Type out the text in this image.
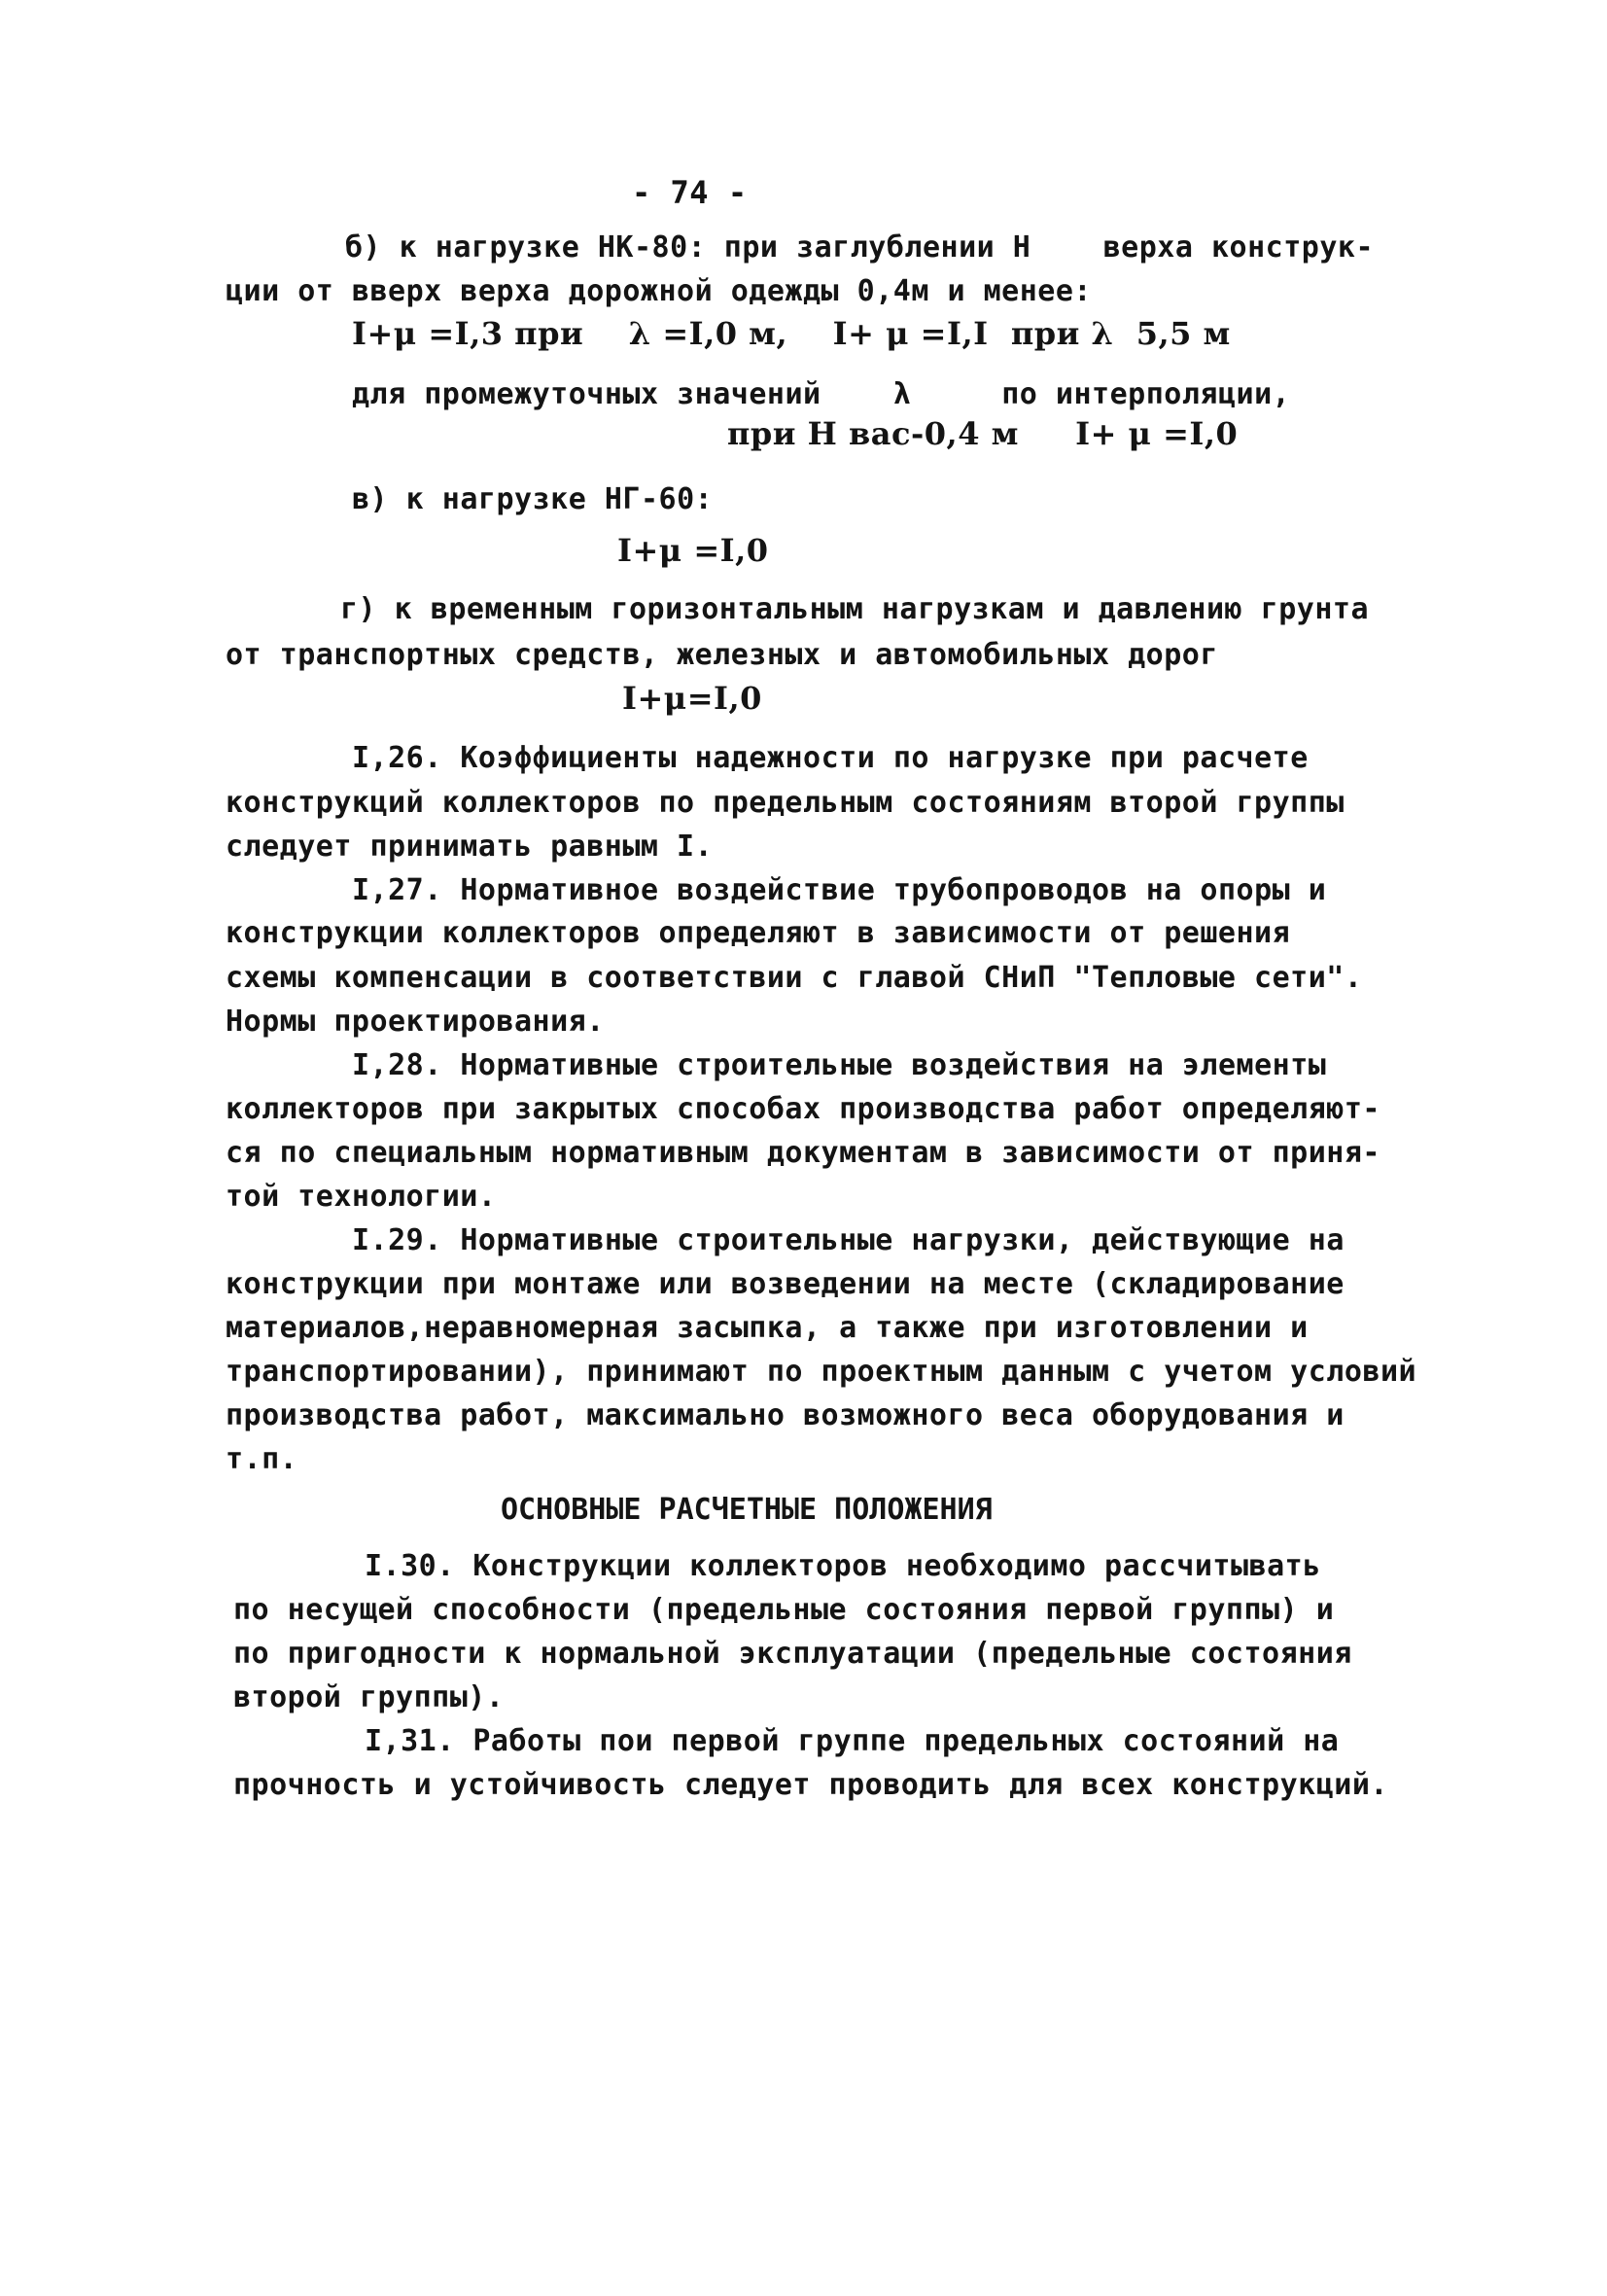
- 74 -
б) к нагрузке НК-80: при заглублении Н    верха конструк-
ции от вверх верха дорожной одежды 0,4м и менее:
I+μ =I,3 при    λ =I,0 м,    I+ μ =I,I  при λ  5,5 м
для промежуточных значений    λ     по интерполяции,
при Н вас-0,4 м     I+ μ =I,0
в) к нагрузке НГ-60:
I+μ =I,0
г) к временным горизонтальным нагрузкам и давлению грунта
от транспортных средств, железных и автомобильных дорог
I+μ=I,0
I,26. Коэффициенты надежности по нагрузке при расчете
конструкций коллекторов по предельным состояниям второй группы
следует принимать равным I.
I,27. Нормативное воздействие трубопроводов на опоры и
конструкции коллекторов определяют в зависимости от решения
схемы компенсации в соответствии с главой СНиП "Тепловые сети".
Нормы проектирования.
I,28. Нормативные строительные воздействия на элементы
коллекторов при закрытых способах производства работ определяют-
ся по специальным нормативным документам в зависимости от приня-
той технологии.
I.29. Нормативные строительные нагрузки, действующие на
конструкции при монтаже или возведении на месте (складирование
материалов,неравномерная засыпка, а также при изготовлении и
транспортировании), принимают по проектным данным с учетом условий
производства работ, максимально возможного веса оборудования и
т.п.
ОСНОВНЫЕ РАСЧЕТНЫЕ ПОЛОЖЕНИЯ
I.30. Конструкции коллекторов необходимо рассчитывать
по несущей способности (предельные состояния первой группы) и
по пригодности к нормальной эксплуатации (предельные состояния
второй группы).
I,31. Работы пои первой группе предельных состояний на
прочность и устойчивость следует проводить для всех конструкций.
